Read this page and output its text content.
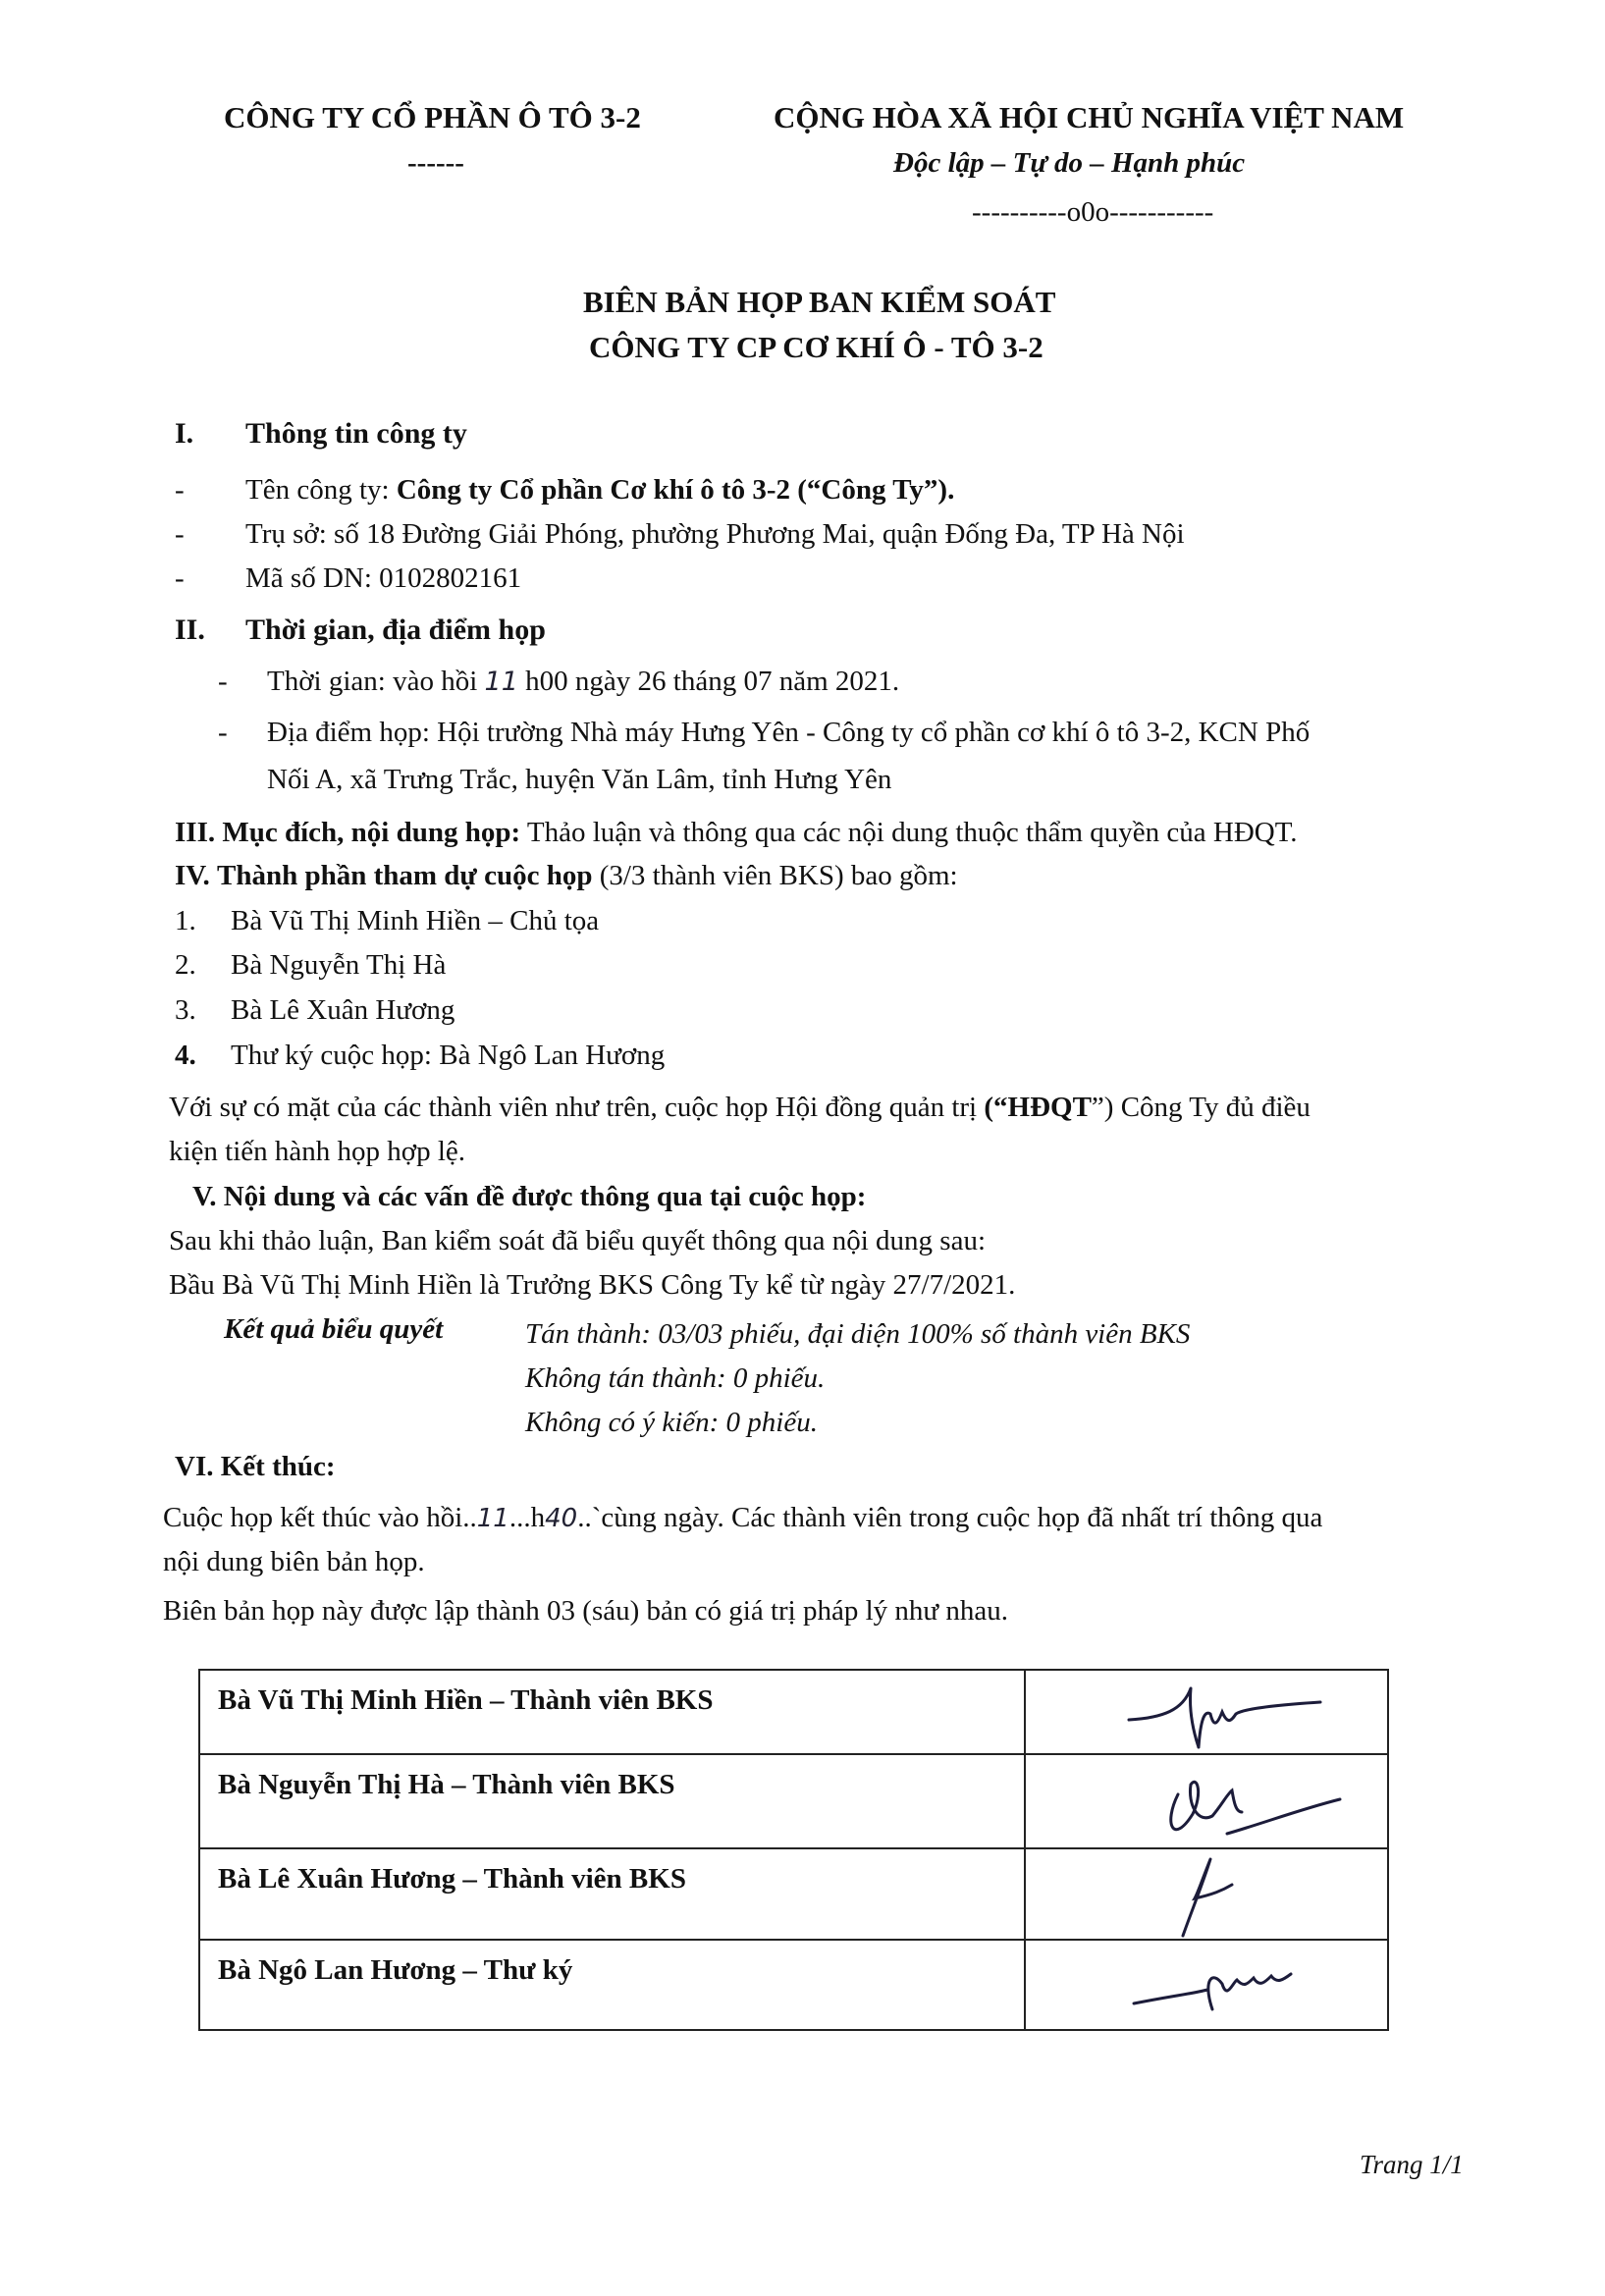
CÔNG TY CỔ PHẦN Ô TÔ 3-2
------
CỘNG HÒA XÃ HỘI CHỦ NGHĨA VIỆT NAM
Độc lập – Tự do – Hạnh phúc
----------o0o-----------
BIÊN BẢN HỌP BAN KIỂM SOÁT
CÔNG TY CP CƠ KHÍ Ô - TÔ 3-2
I. Thông tin công ty
- Tên công ty: Công ty Cổ phần Cơ khí ô tô 3-2 (“Công Ty”).
- Trụ sở: số 18 Đường Giải Phóng, phường Phương Mai, quận Đống Đa, TP Hà Nội
- Mã số DN: 0102802161
II. Thời gian, địa điểm họp
- Thời gian: vào hồi 11 h00 ngày 26 tháng 07 năm 2021.
- Địa điểm họp: Hội trường Nhà máy Hưng Yên - Công ty cổ phần cơ khí ô tô 3-2, KCN Phố
Nối A, xã Trưng Trắc, huyện Văn Lâm, tỉnh Hưng Yên
III. Mục đích, nội dung họp: Thảo luận và thông qua các nội dung thuộc thẩm quyền của HĐQT.
IV. Thành phần tham dự cuộc họp (3/3 thành viên BKS) bao gồm:
1. Bà Vũ Thị Minh Hiền – Chủ tọa
2. Bà Nguyễn Thị Hà
3. Bà Lê Xuân Hương
4. Thư ký cuộc họp: Bà Ngô Lan Hương
Với sự có mặt của các thành viên như trên, cuộc họp Hội đồng quản trị (“HĐQT”) Công Ty đủ điều
kiện tiến hành họp hợp lệ.
V. Nội dung và các vấn đề được thông qua tại cuộc họp:
Sau khi thảo luận, Ban kiểm soát đã biểu quyết thông qua nội dung sau:
Bầu Bà Vũ Thị Minh Hiền là Trưởng BKS Công Ty kể từ ngày 27/7/2021.
Kết quả biểu quyết	Tán thành: 03/03 phiếu, đại diện 100% số thành viên BKS
Không tán thành: 0 phiếu.
Không có ý kiến: 0 phiếu.
VI. Kết thúc:
Cuộc họp kết thúc vào hồi..11...h40..`cùng ngày. Các thành viên trong cuộc họp đã nhất trí thông qua
nội dung biên bản họp.
Biên bản họp này được lập thành 03 (sáu) bản có giá trị pháp lý như nhau.
Bà Vũ Thị Minh Hiền – Thành viên BKS	

Bà Nguyễn Thị Hà – Thành viên BKS	

Bà Lê Xuân Hương – Thành viên BKS	

Bà Ngô Lan Hương – Thư ký	
Trang 1/1
